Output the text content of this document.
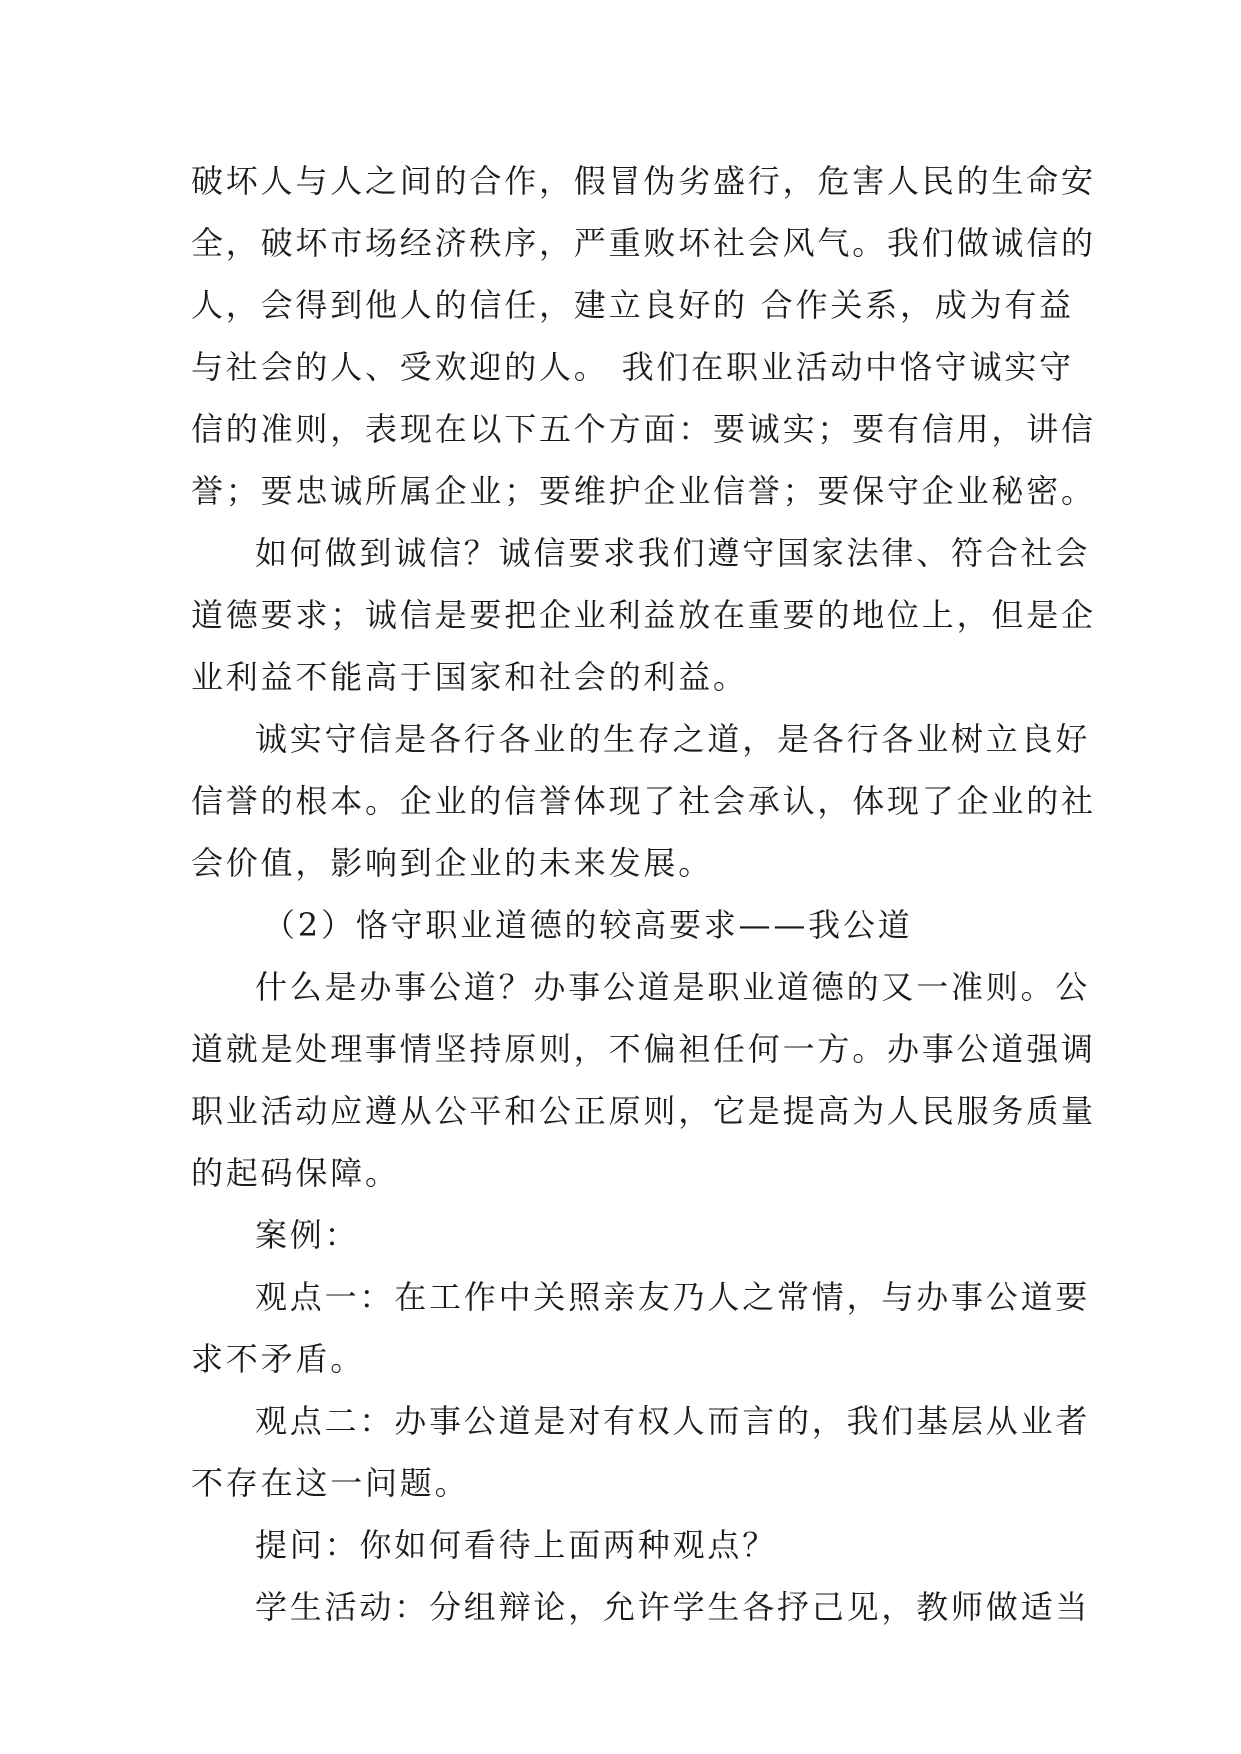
破坏人与人之间的合作，假冒伪劣盛行，危害人民的生命安
全，破坏市场经济秩序，严重败坏社会风气。我们做诚信的
人，会得到他人的信任，建立良好的 合作关系，成为有益
与社会的人、受欢迎的人。 我们在职业活动中恪守诚实守
信的准则，表现在以下五个方面：要诚实；要有信用，讲信
誉；要忠诚所属企业；要维护企业信誉；要保守企业秘密。
如何做到诚信？诚信要求我们遵守国家法律、符合社会
道德要求；诚信是要把企业利益放在重要的地位上，但是企
业利益不能高于国家和社会的利益。
诚实守信是各行各业的生存之道，是各行各业树立良好
信誉的根本。企业的信誉体现了社会承认，体现了企业的社
会价值，影响到企业的未来发展。
（2）恪守职业道德的较高要求——我公道
什么是办事公道？办事公道是职业道德的又一准则。公
道就是处理事情坚持原则，不偏袒任何一方。办事公道强调
职业活动应遵从公平和公正原则，它是提高为人民服务质量
的起码保障。
案例：
观点一：在工作中关照亲友乃人之常情，与办事公道要
求不矛盾。
观点二：办事公道是对有权人而言的，我们基层从业者
不存在这一问题。
提问：你如何看待上面两种观点？
学生活动：分组辩论，允许学生各抒己见，教师做适当
